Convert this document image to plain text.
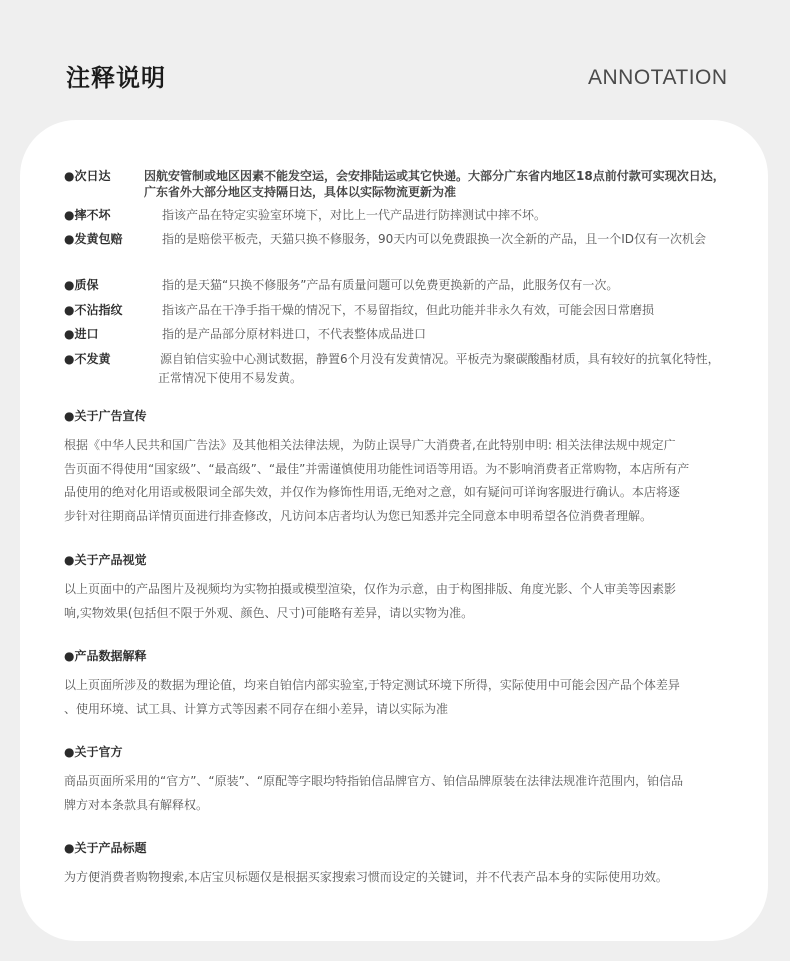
注释说明	ANNOTATION
●次日达	因航安管制或地区因素不能发空运，会安排陆运或其它快递。大部分广东省内地区18点前付款可实现次日达，
广东省外大部分地区支持隔日达，具体以实际物流更新为准
●摔不坏	指该产品在特定实验室环境下，对比上一代产品进行防摔测试中摔不坏。
●发黄包赔	指的是赔偿平板壳，天猫只换不修服务，90天内可以免费跟换一次全新的产品，且一个ID仅有一次机会
●质保	指的是天猫“只换不修服务”产品有质量问题可以免费更换新的产品，此服务仅有一次。
●不沾指纹	指该产品在干净手指干燥的情况下，不易留指纹，但此功能并非永久有效，可能会因日常磨损
●进口	指的是产品部分原材料进口，不代表整体成品进口
●不发黄	源自铂信实验中心测试数据，静置6个月没有发黄情况。平板壳为聚碳酸酯材质，具有较好的抗氧化特性，
正常情况下使用不易发黄。
●关于广告宣传
根据《中华人民共和国广告法》及其他相关法律法规，为防止误导广大消费者,在此特别申明: 相关法律法规中规定广
告页面不得使用“国家级”、“最高级”、“最佳”并需谨慎使用功能性词语等用语。为不影响消费者正常购物，本店所有产
品使用的绝对化用语或极限词全部失效，并仅作为修饰性用语,无绝对之意，如有疑问可详询客服进行确认。本店将逐
步针对往期商品详情页面进行排查修改，凡访问本店者均认为您已知悉并完全同意本申明希望各位消费者理解。
●关于产品视觉
以上页面中的产品图片及视频均为实物拍摄或模型渲染，仅作为示意，由于构图排版、角度光影、个人审美等因素影
响,实物效果(包括但不限于外观、颜色、尺寸)可能略有差异，请以实物为准。
●产品数据解释
以上页面所涉及的数据为理论值，均来自铂信内部实验室,于特定测试环境下所得，实际使用中可能会因产品个体差异
、使用环境、试工具、计算方式等因素不同存在细小差异，请以实际为准
●关于官方
商品页面所采用的“官方”、“原装”、“原配等字眼均特指铂信品牌官方、铂信品牌原装在法律法规准许范围内，铂信品
牌方对本条款具有解释权。
●关于产品标题
为方便消费者购物搜索,本店宝贝标题仅是根据买家搜索习惯而设定的关键词，并不代表产品本身的实际使用功效。
